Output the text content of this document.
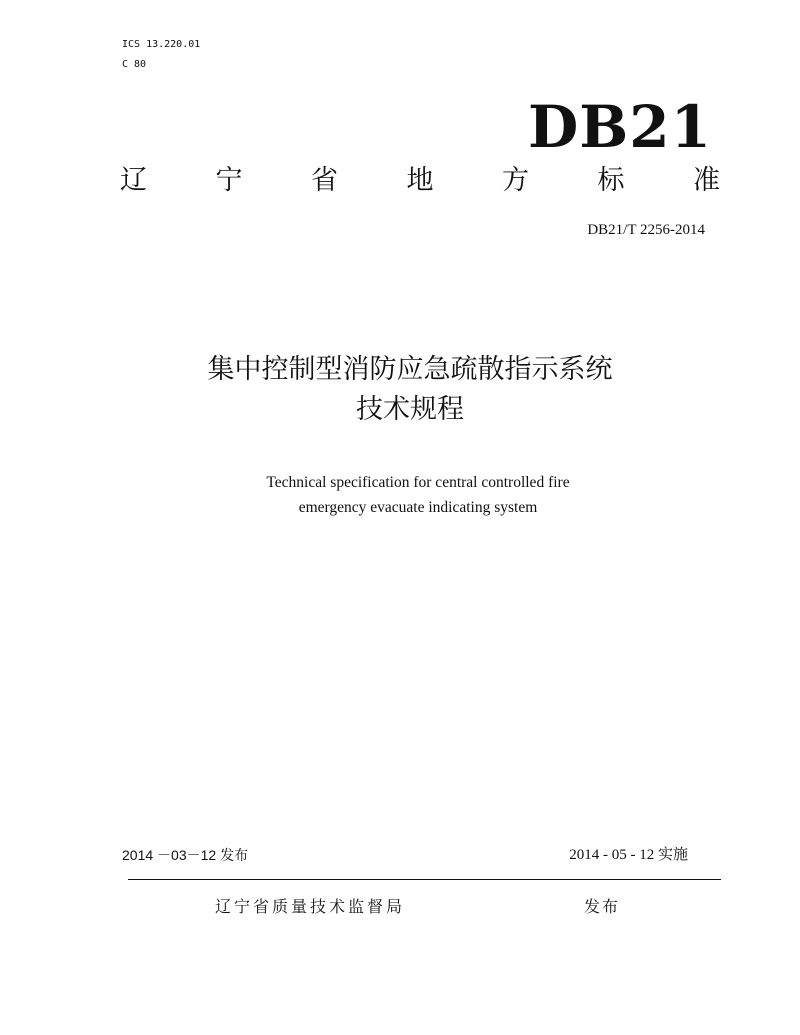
ICS 13.220.01
C 80
DB21
辽	宁	省	地	方	标	准
DB21/T 2256-2014
集中控制型消防应急疏散指示系统
技术规程
Technical specification for central controlled fire
emergency evacuate indicating system
2014 －03－12 发布	2014 - 05 - 12 实施
辽宁省质量技术监督局	发布
